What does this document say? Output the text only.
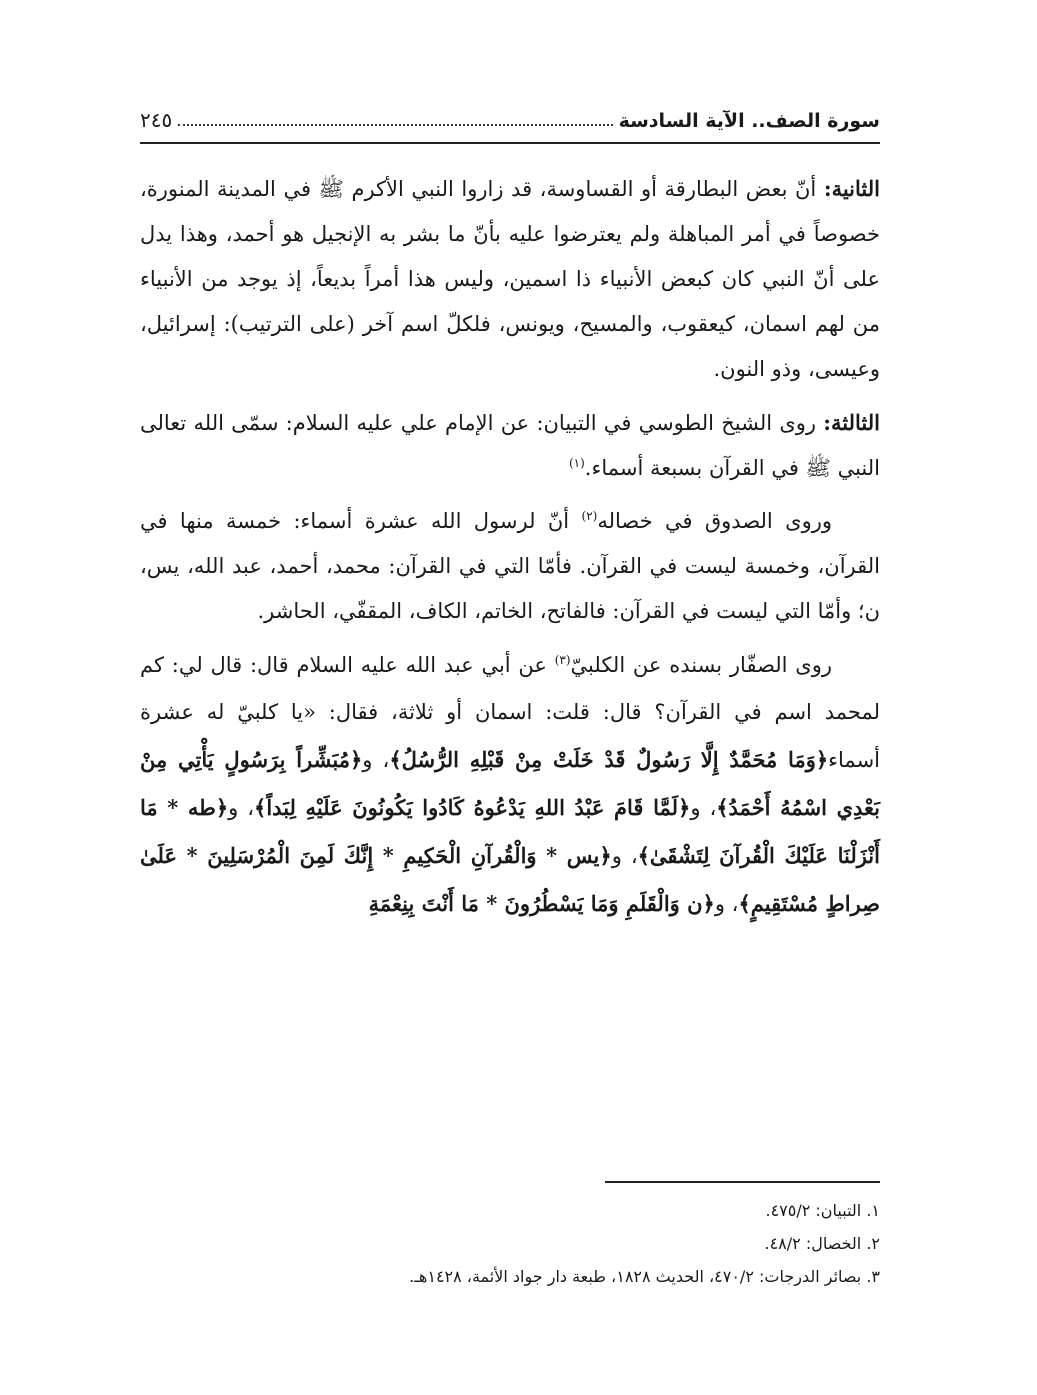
سورة الصف.. الآية السادسة
٢٤٥

الثانية: أنّ بعض البطارقة أو القساوسة، قد زاروا النبي الأكرم ﷺ في المدينة المنورة، خصوصاً في أمر المباهلة ولم يعترضوا عليه بأنّ ما بشر به الإنجيل هو أحمد، وهذا يدل على أنّ النبي كان كبعض الأنبياء ذا اسمين، وليس هذا أمراً بديعاً، إذ يوجد من الأنبياء من لهم اسمان، كيعقوب، والمسيح، ويونس، فلكلّ اسم آخر (على الترتيب): إسرائيل، وعيسى، وذو النون.

الثالثة: روى الشيخ الطوسي في التبيان: عن الإمام علي عليه السلام: سمّى الله تعالى النبي ﷺ في القرآن بسبعة أسماء.$^{(١)}$

وروى الصدوق في خصاله$^{(٢)}$ أنّ لرسول الله عشرة أسماء: خمسة منها في القرآن، وخمسة ليست في القرآن. فأمّا التي في القرآن: محمد، أحمد، عبد الله، يس، ن؛ وأمّا التي ليست في القرآن: فالفاتح، الخاتم، الكاف، المقفّي، الحاشر.

روى الصفّار بسنده عن الكلبيّ$^{(٣)}$ عن أبي عبد الله عليه السلام قال: قال لي: كم لمحمد اسم في القرآن؟ قال: قلت: اسمان أو ثلاثة، فقال: «يا كلبيّ له عشرة أسماء﴿وَمَا مُحَمَّدٌ إِلَّا رَسُولٌ قَدْ خَلَتْ مِنْ قَبْلِهِ الرُّسُلُ﴾، و﴿مُبَشِّراً بِرَسُولٍ يَأْتِي مِنْ بَعْدِي اسْمُهُ أَحْمَدُ﴾، و﴿لَمَّا قَامَ عَبْدُ اللهِ يَدْعُوهُ كَادُوا يَكُونُونَ عَلَيْهِ لِبَداً﴾، و﴿طه * مَا أَنْزَلْنَا عَلَيْكَ الْقُرآنَ لِتَشْقَىٰ﴾، و﴿يس * وَالْقُرآنِ الْحَكِيمِ * إِنَّكَ لَمِنَ الْمُرْسَلِينَ * عَلَىٰ صِراطٍ مُسْتَقِيمٍ﴾، و﴿ن وَالْقَلَمِ وَمَا يَسْطُرُونَ * مَا أَنْتَ بِنِعْمَةِ

١. التبيان: ٤٧٥/٢.
٢. الخصال: ٤٨/٢.
٣. بصائر الدرجات: ٤٧٠/٢، الحديث ١٨٢٨، طبعة دار جواد الأئمة، ١٤٢٨هـ.
